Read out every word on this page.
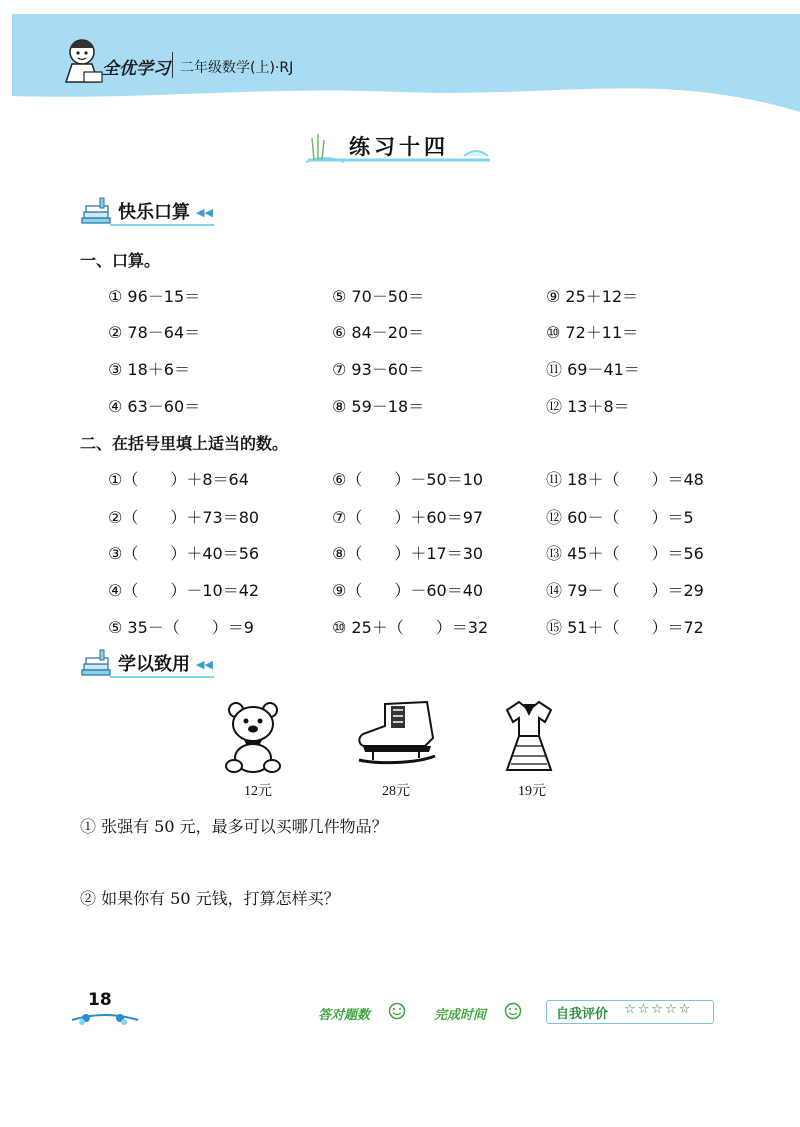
全优学习 二年级数学(上)·RJ
练习十四
快乐口算 ◀◀
一、口算。
① 96－15＝
② 78－64＝
③ 18＋6＝
④ 63－60＝
⑤ 70－50＝
⑥ 84－20＝
⑦ 93－60＝
⑧ 59－18＝
⑨ 25＋12＝
⑩ 72＋11＝
⑪ 69－41＝
⑫ 13＋8＝
二、在括号里填上适当的数。
①（　　）＋8＝64
②（　　）＋73＝80
③（　　）＋40＝56
④（　　）－10＝42
⑤ 35－（　　）＝9
⑥（　　）－50＝10
⑦（　　）＋60＝97
⑧（　　）＋17＝30
⑨（　　）－60＝40
⑩ 25＋（　　）＝32
⑪ 18＋（　　）＝48
⑫ 60－（　　）＝5
⑬ 45＋（　　）＝56
⑭ 79－（　　）＝29
⑮ 51＋（　　）＝72
学以致用 ◀◀
12元	28元	19元
① 张强有 50 元，最多可以买哪几件物品？
② 如果你有 50 元钱，打算怎样买？
18
答对题数	完成时间	自我评价 ☆☆☆☆☆
